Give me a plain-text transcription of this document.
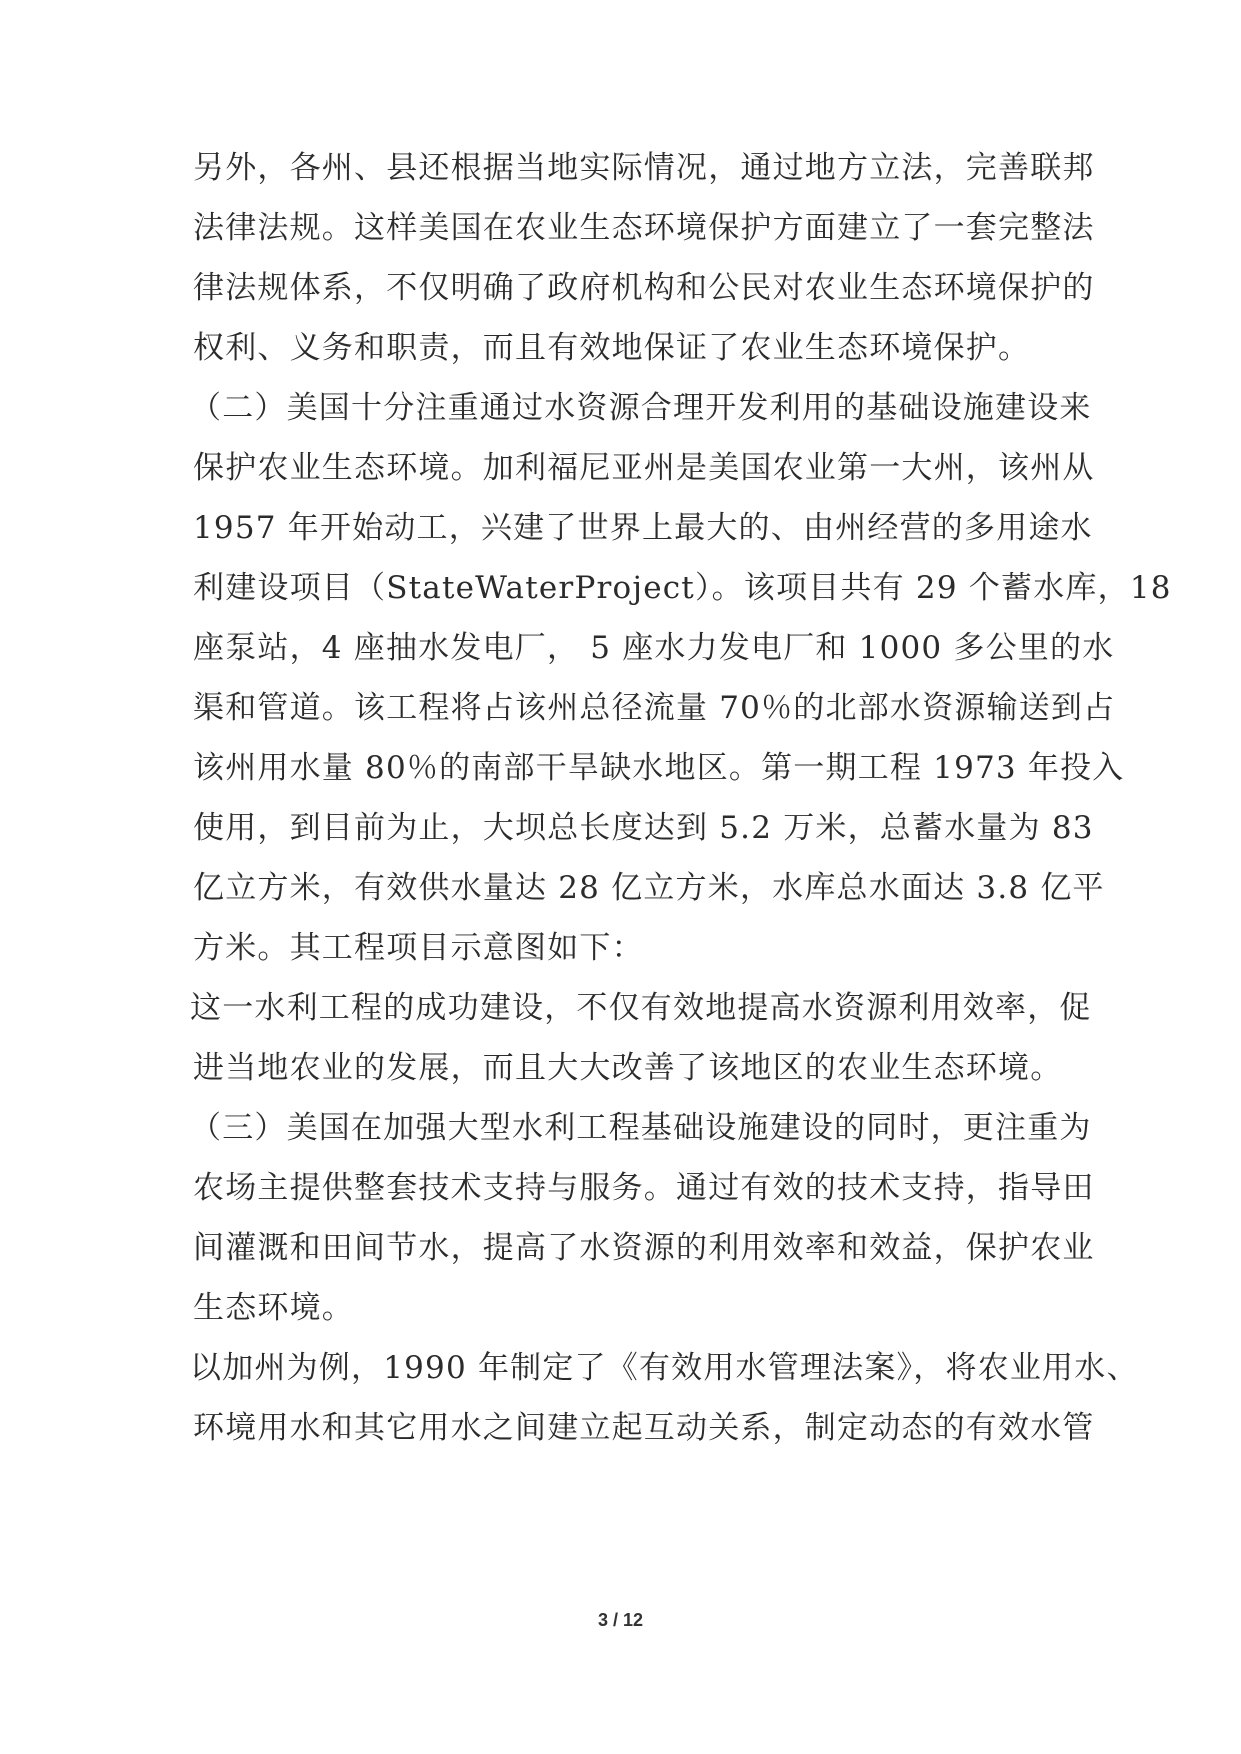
另外，各州、县还根据当地实际情况，通过地方立法，完善联邦
法律法规。这样美国在农业生态环境保护方面建立了一套完整法
律法规体系，不仅明确了政府机构和公民对农业生态环境保护的
权利、义务和职责，而且有效地保证了农业生态环境保护。
（二）美国十分注重通过水资源合理开发利用的基础设施建设来
保护农业生态环境。加利福尼亚州是美国农业第一大州，该州从
1957 年开始动工，兴建了世界上最大的、由州经营的多用途水
利建设项目（StateWaterProject）。该项目共有 29 个蓄水库，18
座泵站，4 座抽水发电厂， 5 座水力发电厂和 1000 多公里的水
渠和管道。该工程将占该州总径流量 70％的北部水资源输送到占
该州用水量 80％的南部干旱缺水地区。第一期工程 1973 年投入
使用，到目前为止，大坝总长度达到 5.2 万米，总蓄水量为 83
亿立方米，有效供水量达 28 亿立方米，水库总水面达 3.8 亿平
方米。其工程项目示意图如下：
这一水利工程的成功建设，不仅有效地提高水资源利用效率，促
进当地农业的发展，而且大大改善了该地区的农业生态环境。
（三）美国在加强大型水利工程基础设施建设的同时，更注重为
农场主提供整套技术支持与服务。通过有效的技术支持，指导田
间灌溉和田间节水，提高了水资源的利用效率和效益，保护农业
生态环境。
以加州为例，1990 年制定了《有效用水管理法案》，将农业用水、
环境用水和其它用水之间建立起互动关系，制定动态的有效水管
3 / 12
